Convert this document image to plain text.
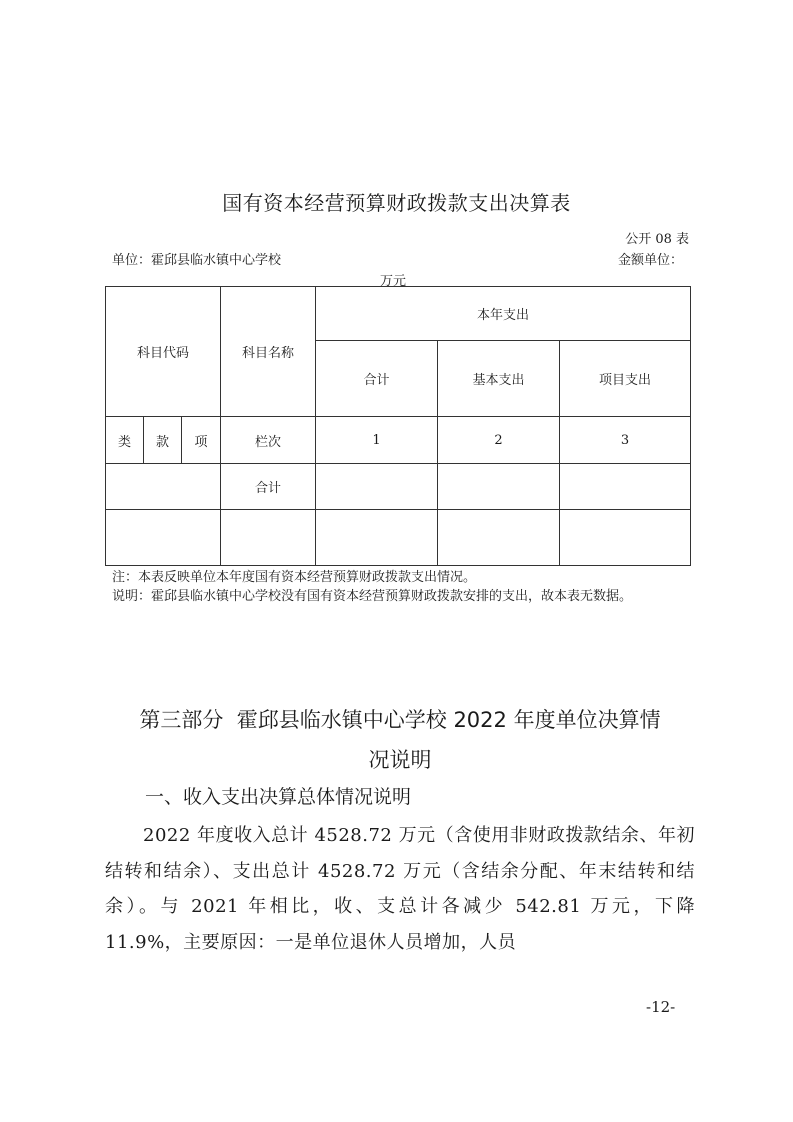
国有资本经营预算财政拨款支出决算表
公开 08 表
单位：霍邱县临水镇中心学校	金额单位：
万元
科目代码			科目名称	本年支出		
				合计	基本支出	项目支出
类	款	项	栏次	1	2	3
			合计			

注：本表反映单位本年度国有资本经营预算财政拨款支出情况。
说明：霍邱县临水镇中心学校没有国有资本经营预算财政拨款安排的支出，故本表无数据。
第三部分  霍邱县临水镇中心学校 2022 年度单位决算情
况说明
一、收入支出决算总体情况说明
2022 年度收入总计 4528.72 万元（含使用非财政拨款结余、年初结转和结余）、支出总计 4528.72 万元（含结余分配、年末结转和结余）。与 2021 年相比，收、支总计各减少 542.81 万元，下降 11.9%，主要原因：一是单位退休人员增加，人员
-12-
